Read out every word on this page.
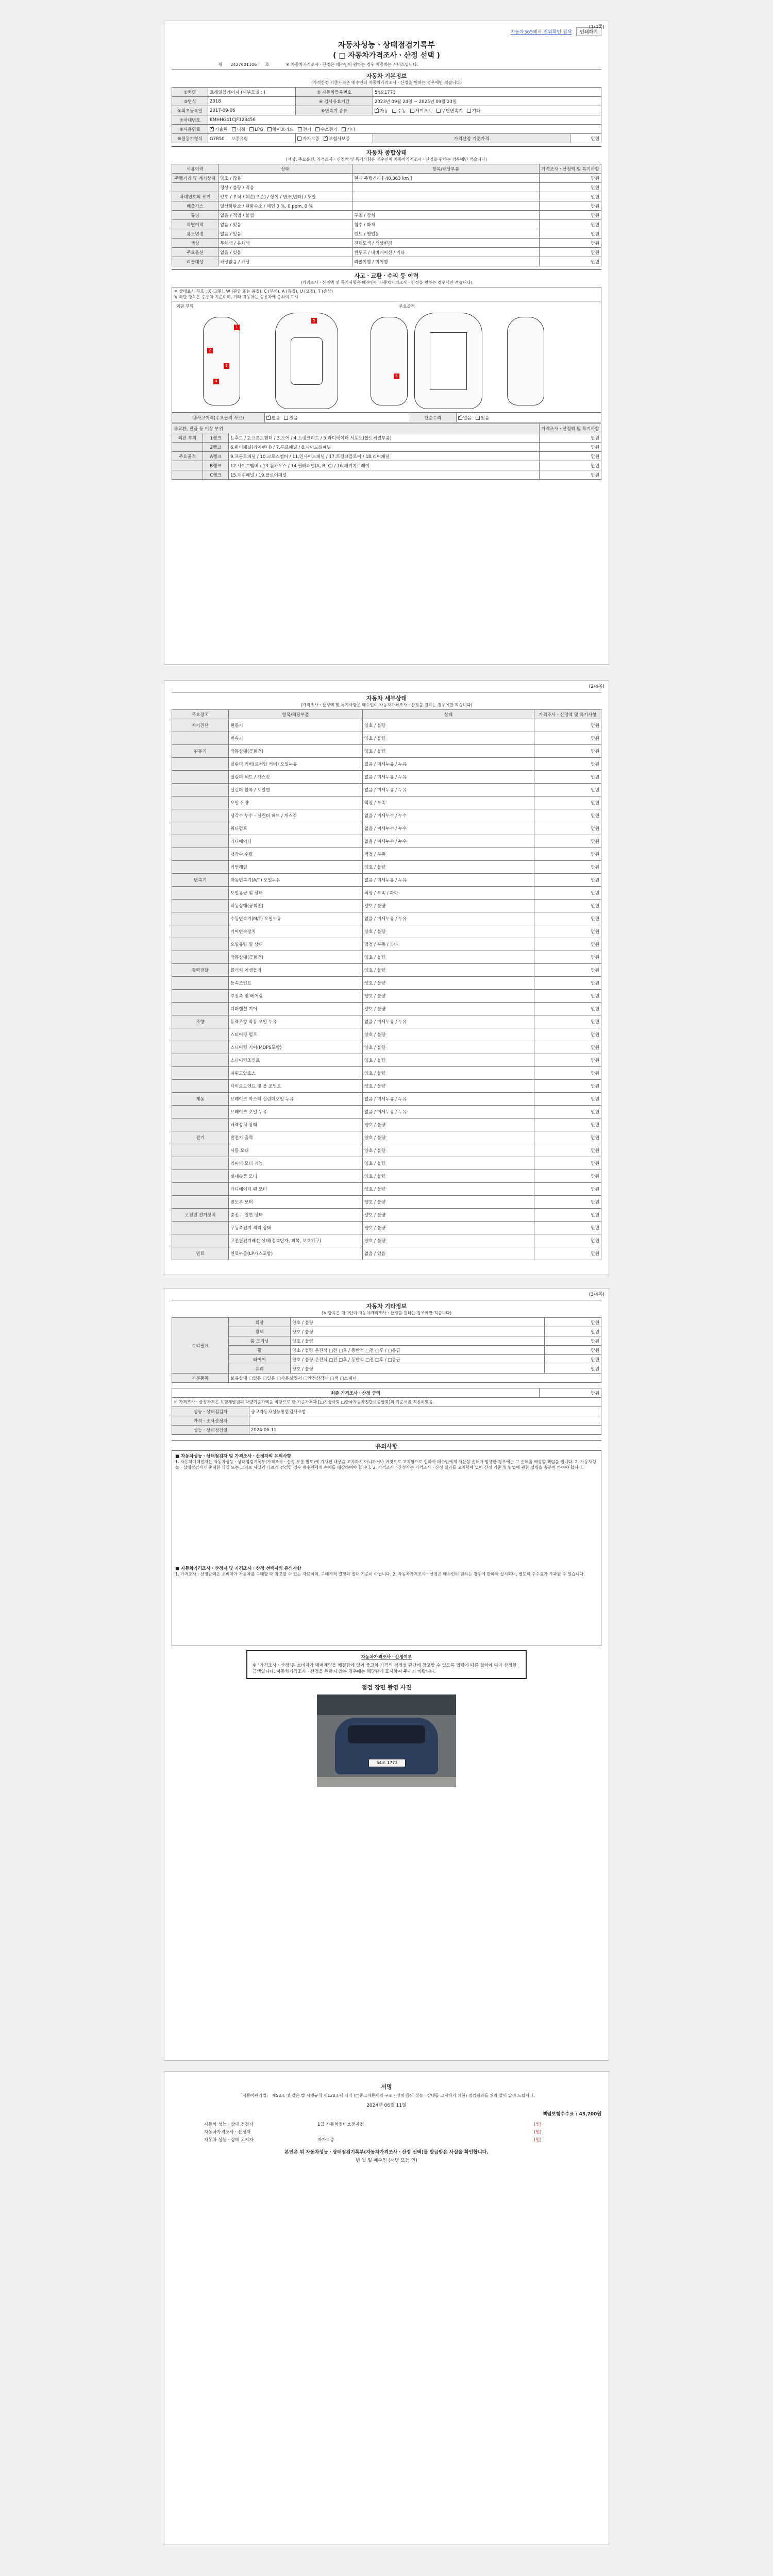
(1/4쪽)
자동차365에서 진위확인 검색 인쇄하기
자동차성능ㆍ상태점검기록부
( □ 자동차가격조사ㆍ산정 선택 )
제 2427601106 호	※ 자동차가격조사ㆍ산정은 매수인이 원하는 경우 제공하는 서비스입니다.
자동차 기본정보
(가격산정 기준가격은 매수인이 자동차가격조사ㆍ산정을 원하는 경우에만 적습니다)
①차명	트레일블레이저 (세부모델 : )	② 자동차등록번호	54오1773	
③연식	2018	④ 검사유효기간	2023년 09월 24일 ~ 2025년 09월 23일	
⑤최초등록일	2017-09-06	⑥변속기 종류	✓자동 수동 세미오토 무단변속기 기타
⑦차대번호	KMHHG41CJF123456			
⑧사용연료	✓가솔린 디젤 LPG 하이브리드 전기 수소전기 기타
⑩원동기형식	G7B50 보증유형	자가보증 ✓ 보험사보증	가격산정 기준가격	만원
자동차 종합상태
(색상, 주요옵션, 가격조사ㆍ산정액 및 특기사항은 매수인이 자동차가격조사ㆍ산정을 원하는 경우에만 적습니다)
사용이력	상태	항목/해당부품	가격조사ㆍ산정액 및 특기사항
주행거리 및 계기상태	양호 / 많음	현재 주행거리 [ 40,863 km ]	만원
	정상 / 불량 / 적음		만원
차대번호의 표기	양호 / 부식 / 훼손(오손) / 상이 / 변조(변타) / 도말		만원
배출가스	일산화탄소 / 탄화수소 / 매연 0 %, 0 ppm, 0 %		만원
튜닝	없음 / 적법 / 불법	구조 / 장치	만원
특별이력	없음 / 있음	침수 / 화재	만원
용도변경	없음 / 있음	렌트 / 영업용	만원
색상	무채색 / 유채색	전체도색 / 색상변경	만원
주요옵션	없음 / 있음	썬루프 / 내비게이션 / 기타	만원
리콜대상	해당없음 / 해당	리콜이행 / 미이행	만원
사고ㆍ교환ㆍ수리 등 이력
(가격조사ㆍ산정액 및 특기사항은 매수인이 자동차가격조사ㆍ산정을 원하는 경우에만 적습니다)
※ 상태표시 부호 : X (교환), W (판금 또는 용접), C (부식), A (흠집), U (요철), T (손상)
※ 하단 항목은 승용차 기준이며, 기타 자동차는 승용차에 준하여 표시
외판 부위	주요골격
1
2
3
4
5
6
⑬사고이력(주요골격 사고)	✓없음 있음	단순수리	✓없음 있음
⑭교환, 판금 등 이상 부위			가격조사ㆍ산정액 및 특기사항
외판 부위	1랭크	1.후드 / 2.프론트펜더 / 3.도어 / 4.트렁크리드 / 5.라디에이터 서포트(볼트체결부품)	만원
	2랭크	6.쿼터패널(리어펜더) / 7.루프패널 / 8.사이드실패널	만원
주요골격	A랭크	9.프론트패널 / 10.크로스멤버 / 11.인사이드패널 / 17.트렁크플로어 / 18.리어패널	만원
	B랭크	12.사이드멤버 / 13.휠하우스 / 14.필러패널(A, B, C) / 16.패키지트레이	만원
	C랭크	15.대쉬패널 / 19.플로어패널	만원
(2/4쪽)
자동차 세부상태
(가격조사ㆍ산정액 및 특기사항은 매수인이 자동차가격조사ㆍ산정을 원하는 경우에만 적습니다)
주요장치	항목/해당부품	상태	가격조사ㆍ산정액 및 특기사항
자기진단	원동기	양호 / 불량	만원
	변속기	양호 / 불량	만원
원동기	작동상태(공회전)	양호 / 불량	만원
	실린더 커버(로커암 커버) 오일누유	없음 / 미세누유 / 누유	만원
	실린더 헤드 / 개스킷	없음 / 미세누유 / 누유	만원
	실린더 블록 / 오일팬	없음 / 미세누유 / 누유	만원
	오일 유량	적정 / 부족	만원
	냉각수 누수 - 실린더 헤드 / 개스킷	없음 / 미세누수 / 누수	만원
	워터펌프	없음 / 미세누수 / 누수	만원
	라디에이터	없음 / 미세누수 / 누수	만원
	냉각수 수량	적정 / 부족	만원
	커먼레일	양호 / 불량	만원
변속기	자동변속기(A/T) 오일누유	없음 / 미세누유 / 누유	만원
	오일유량 및 상태	적정 / 부족 / 과다	만원
	작동상태(공회전)	양호 / 불량	만원
	수동변속기(M/T) 오일누유	없음 / 미세누유 / 누유	만원
	기어변속장치	양호 / 불량	만원
	오일유량 및 상태	적정 / 부족 / 과다	만원
	작동상태(공회전)	양호 / 불량	만원
동력전달	클러치 어셈블리	양호 / 불량	만원
	등속조인트	양호 / 불량	만원
	추진축 및 베어링	양호 / 불량	만원
	디퍼렌셜 기어	양호 / 불량	만원
조향	동력조향 작동 오일 누유	없음 / 미세누유 / 누유	만원
	스티어링 펌프	양호 / 불량	만원
	스티어링 기어(MDPS포함)	양호 / 불량	만원
	스티어링조인트	양호 / 불량	만원
	파워고압호스	양호 / 불량	만원
	타이로드엔드 및 볼 조인트	양호 / 불량	만원
제동	브레이크 마스터 실린더오일 누유	없음 / 미세누유 / 누유	만원
	브레이크 오일 누유	없음 / 미세누유 / 누유	만원
	배력장치 상태	양호 / 불량	만원
전기	발전기 출력	양호 / 불량	만원
	시동 모터	양호 / 불량	만원
	와이퍼 모터 기능	양호 / 불량	만원
	실내송풍 모터	양호 / 불량	만원
	라디에이터 팬 모터	양호 / 불량	만원
	윈도우 모터	양호 / 불량	만원
고전원 전기장치	충전구 절연 상태	양호 / 불량	만원
	구동축전지 격리 상태	양호 / 불량	만원
	고전원전기배선 상태(접속단자, 피복, 보호기구)	양호 / 불량	만원
연료	연료누출(LP가스포함)	없음 / 있음	만원
(3/4쪽)
자동차 기타정보
(※ 항목은 매수인이 자동차가격조사ㆍ산정을 원하는 경우에만 적습니다)
수리필요	외장	양호 / 불량	만원
	광택	양호 / 불량	만원
	룸 크리닝	양호 / 불량	만원
	휠	양호 / 불량 운전석 □전 □후 / 동반석 □전 □후 / □응급	만원
	타이어	양호 / 불량 운전석 □전 □후 / 동반석 □전 □후 / □응급	만원
	유리	양호 / 불량	만원
기본품목	보유상태 □없음 □있음 □사용설명서 □안전삼각대 □잭 □스패너		
최종 가격조사ㆍ산정 금액		만원
이 가격조사ㆍ산정가격은 보험개발원의 차량기준가액을 바탕으로 한 기준가격과 [□기술사회 □한국자동차진단보증협회]의 기준서를 적용하였음.		
성능ㆍ상태점검자	중고자동차성능통합검사조합	
가격ㆍ조사산정자		
성능ㆍ상태점검일	2024-06-11	
유의사항
■ 자동차성능ㆍ상태점검자 및 가격조사ㆍ산정자의 유의사항
1. 자동차매매업자는 자동차성능ㆍ상태점검기록부(가격조사ㆍ산정 부분 별도)에 기재된 내용을 고지하지 아니하거나 거짓으로 고지함으로 인하여 매수인에게 재산상 손해가 발생한 경우에는 그 손해를 배상할 책임을 집니다. 2. 자동차성능ㆍ상태점검자가 중대한 과실 또는 고의로 사실과 다르게 점검한 경우 매수인에게 손해를 배상하여야 합니다. 3. 가격조사ㆍ산정자는 가격조사ㆍ산정 결과를 고지함에 있어 산정 기준 및 방법에 관한 설명을 충분히 하여야 합니다.
■ 자동차가격조사ㆍ산정자 및 가격조사ㆍ산정 선택자의 유의사항
1. 가격조사ㆍ산정금액은 소비자가 자동차를 구매할 때 참고할 수 있는 자료이며, 구매가격 결정의 절대 기준이 아닙니다. 2. 자동차가격조사ㆍ산정은 매수인이 원하는 경우에 한하여 실시되며, 별도의 수수료가 부과될 수 있습니다.
자동차가격조사ㆍ산정여부
※ "가격조사ㆍ산정"은 소비자가 매매계약을 체결함에 있어 중고차 가격의 적정성 판단에 참고할 수 있도록 법령에 따른 절차에 따라 산정한 금액입니다. 자동차가격조사ㆍ산정을 원하지 않는 경우에는 해당란에 표시하여 주시기 바랍니다.
점검 장면 촬영 사진
54오 1773
서명
「자동차관리법」 제58조 및 같은 법 시행규칙 제120조에 따라 (□중고자동차의 구조ㆍ장치 등의 성능ㆍ상태를 고지하기 위한) 점검결과를 위와 같이 알려 드립니다.
2024년 06월 11일
책임보험수수료 : 43,700원
자동차 성능ㆍ상태 점검자	1급 자동차정비소전자정	(인)
자동차가격조사ㆍ산정자		(인)
자동차 성능ㆍ상태 고지자	자가보증	(인)
본인은 위 자동차성능ㆍ상태점검기록부(자동차가격조사ㆍ산정 선택)를 발급받은 사실을 확인합니다.
년 월 일 매수인 (서명 또는 인)
